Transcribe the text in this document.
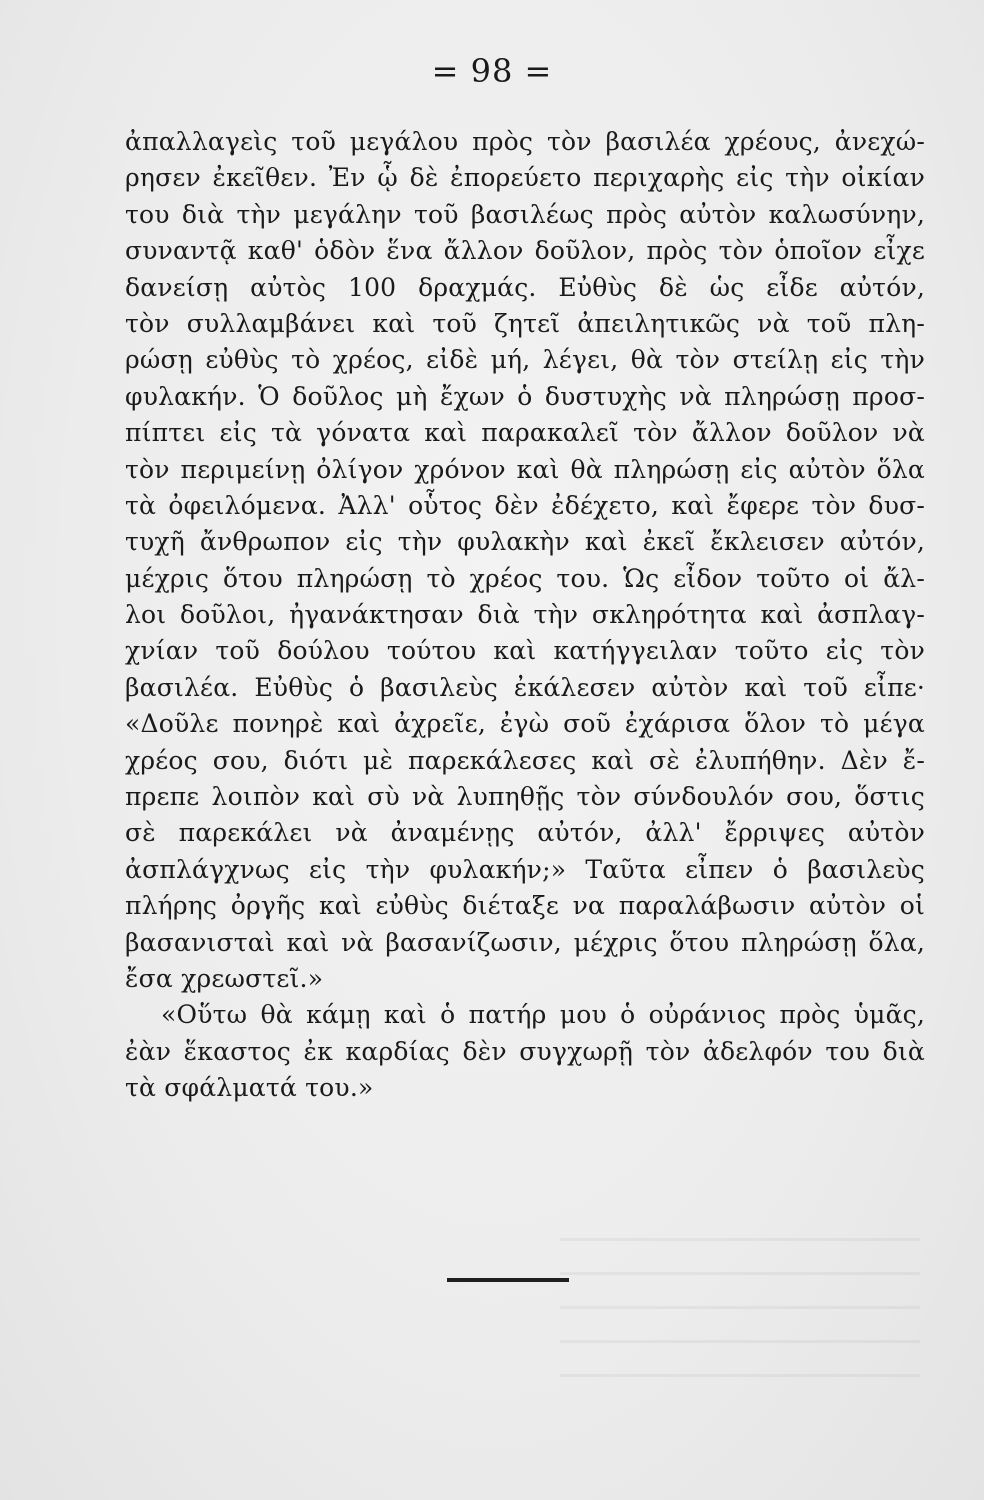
= 98 =
ἀπαλλαγεὶς τοῦ μεγάλου πρὸς τὸν βασιλέα χρέους, ἀνεχώ-
ρησεν ἐκεῖθεν. Ἐν ᾧ δὲ ἐπορεύετο περιχαρὴς εἰς τὴν οἰκίαν
του διὰ τὴν μεγάλην τοῦ βασιλέως πρὸς αὐτὸν καλωσύνην,
συναντᾷ καθ' ὁδὸν ἕνα ἄλλον δοῦλον, πρὸς τὸν ὁποῖον εἶχε
δανείσῃ αὐτὸς 100 δραχμάς. Εὐθὺς δὲ ὡς εἶδε αὐτόν,
τὸν συλλαμβάνει καὶ τοῦ ζητεῖ ἀπειλητικῶς νὰ τοῦ πλη-
ρώσῃ εὐθὺς τὸ χρέος, εἰδὲ μή, λέγει, θὰ τὸν στείλῃ εἰς τὴν
φυλακήν. Ὁ δοῦλος μὴ ἔχων ὁ δυστυχὴς νὰ πληρώσῃ προσ-
πίπτει εἰς τὰ γόνατα καὶ παρακαλεῖ τὸν ἄλλον δοῦλον νὰ
τὸν περιμείνῃ ὀλίγον χρόνον καὶ θὰ πληρώσῃ εἰς αὐτὸν ὅλα
τὰ ὀφειλόμενα. Ἀλλ' οὗτος δὲν ἐδέχετο, καὶ ἔφερε τὸν δυσ-
τυχῆ ἄνθρωπον εἰς τὴν φυλακὴν καὶ ἐκεῖ ἔκλεισεν αὐτόν,
μέχρις ὅτου πληρώσῃ τὸ χρέος του. Ὡς εἶδον τοῦτο οἱ ἄλ-
λοι δοῦλοι, ἠγανάκτησαν διὰ τὴν σκληρότητα καὶ ἀσπλαγ-
χνίαν τοῦ δούλου τούτου καὶ κατήγγειλαν τοῦτο εἰς τὸν
βασιλέα. Εὐθὺς ὁ βασιλεὺς ἐκάλεσεν αὐτὸν καὶ τοῦ εἶπε·
«Δοῦλε πονηρὲ καὶ ἀχρεῖε, ἐγὼ σοῦ ἐχάρισα ὅλον τὸ μέγα
χρέος σου, διότι μὲ παρεκάλεσες καὶ σὲ ἐλυπήθην. Δὲν ἔ-
πρεπε λοιπὸν καὶ σὺ νὰ λυπηθῇς τὸν σύνδουλόν σου, ὅστις
σὲ παρεκάλει νὰ ἀναμένῃς αὐτόν, ἀλλ' ἔρριψες αὐτὸν
ἀσπλάγχνως εἰς τὴν φυλακήν;» Ταῦτα εἶπεν ὁ βασιλεὺς
πλήρης ὀργῆς καὶ εὐθὺς διέταξε να παραλάβωσιν αὐτὸν οἱ
βασανισταὶ καὶ νὰ βασανίζωσιν, μέχρις ὅτου πληρώσῃ ὅλα,
ἔσα χρεωστεῖ.»
«Οὕτω θὰ κάμῃ καὶ ὁ πατήρ μου ὁ οὐράνιος πρὸς ὑμᾶς,
ἐὰν ἕκαστος ἐκ καρδίας δὲν συγχωρῇ τὸν ἀδελφόν του διὰ
τὰ σφάλματά του.»
